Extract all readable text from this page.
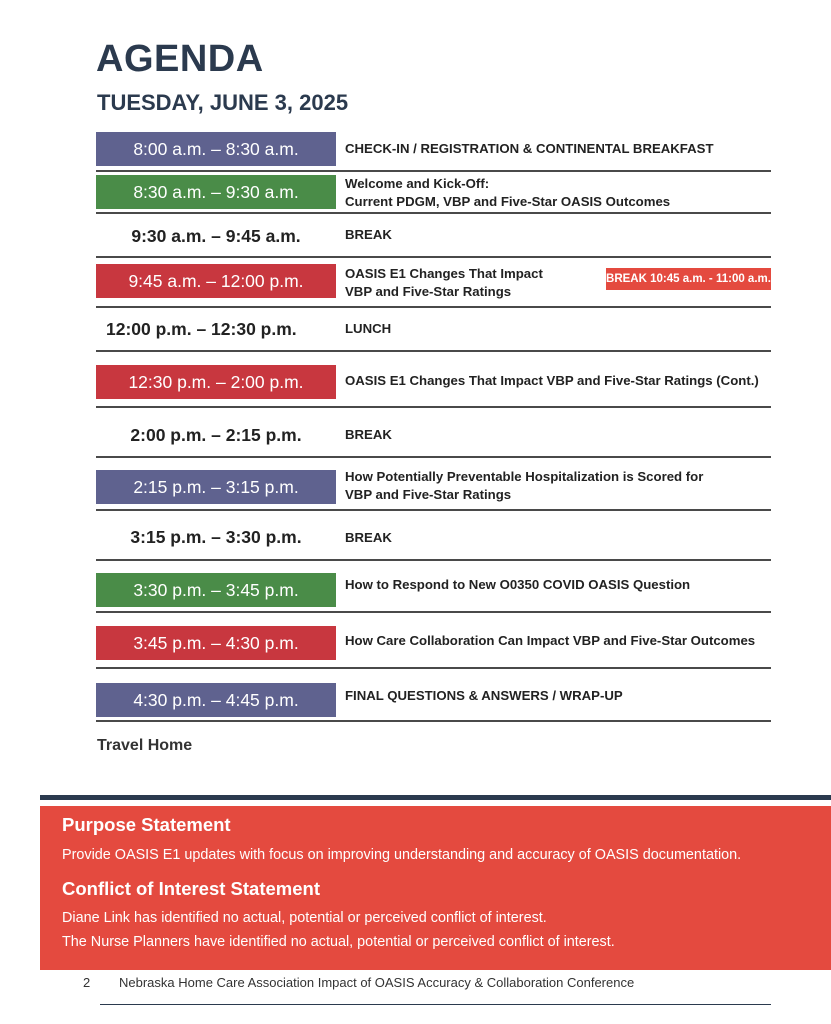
AGENDA
TUESDAY, JUNE 3, 2025
8:00 a.m. – 8:30 a.m.	CHECK-IN / REGISTRATION & CONTINENTAL BREAKFAST
8:30 a.m. – 9:30 a.m.	Welcome and Kick-Off:
Current PDGM, VBP and Five-Star OASIS Outcomes
9:30 a.m. – 9:45 a.m.	BREAK
9:45 a.m. – 12:00 p.m.	OASIS E1 Changes That Impact
VBP and Five-Star Ratings
BREAK 10:45 a.m. - 11:00 a.m.
12:00 p.m. – 12:30 p.m.	LUNCH
12:30 p.m. – 2:00 p.m.	OASIS E1 Changes That Impact VBP and Five-Star Ratings (Cont.)
2:00 p.m. – 2:15 p.m.	BREAK
2:15 p.m. – 3:15 p.m.
How Potentially Preventable Hospitalization is Scored for
VBP and Five-Star Ratings
3:15 p.m. – 3:30 p.m.	BREAK
3:30 p.m. – 3:45 p.m.	How to Respond to New O0350 COVID OASIS Question
3:45 p.m. – 4:30 p.m.	How Care Collaboration Can Impact VBP and Five-Star Outcomes
4:30 p.m. – 4:45 p.m.	FINAL QUESTIONS & ANSWERS / WRAP-UP
Travel Home
Purpose Statement
Provide OASIS E1 updates with focus on improving understanding and accuracy of OASIS documentation.
Conflict of Interest Statement
Diane Link has identified no actual, potential or perceived conflict of interest.
The Nurse Planners have identified no actual, potential or perceived conflict of interest.
2 Nebraska Home Care Association Impact of OASIS Accuracy & Collaboration Conference
